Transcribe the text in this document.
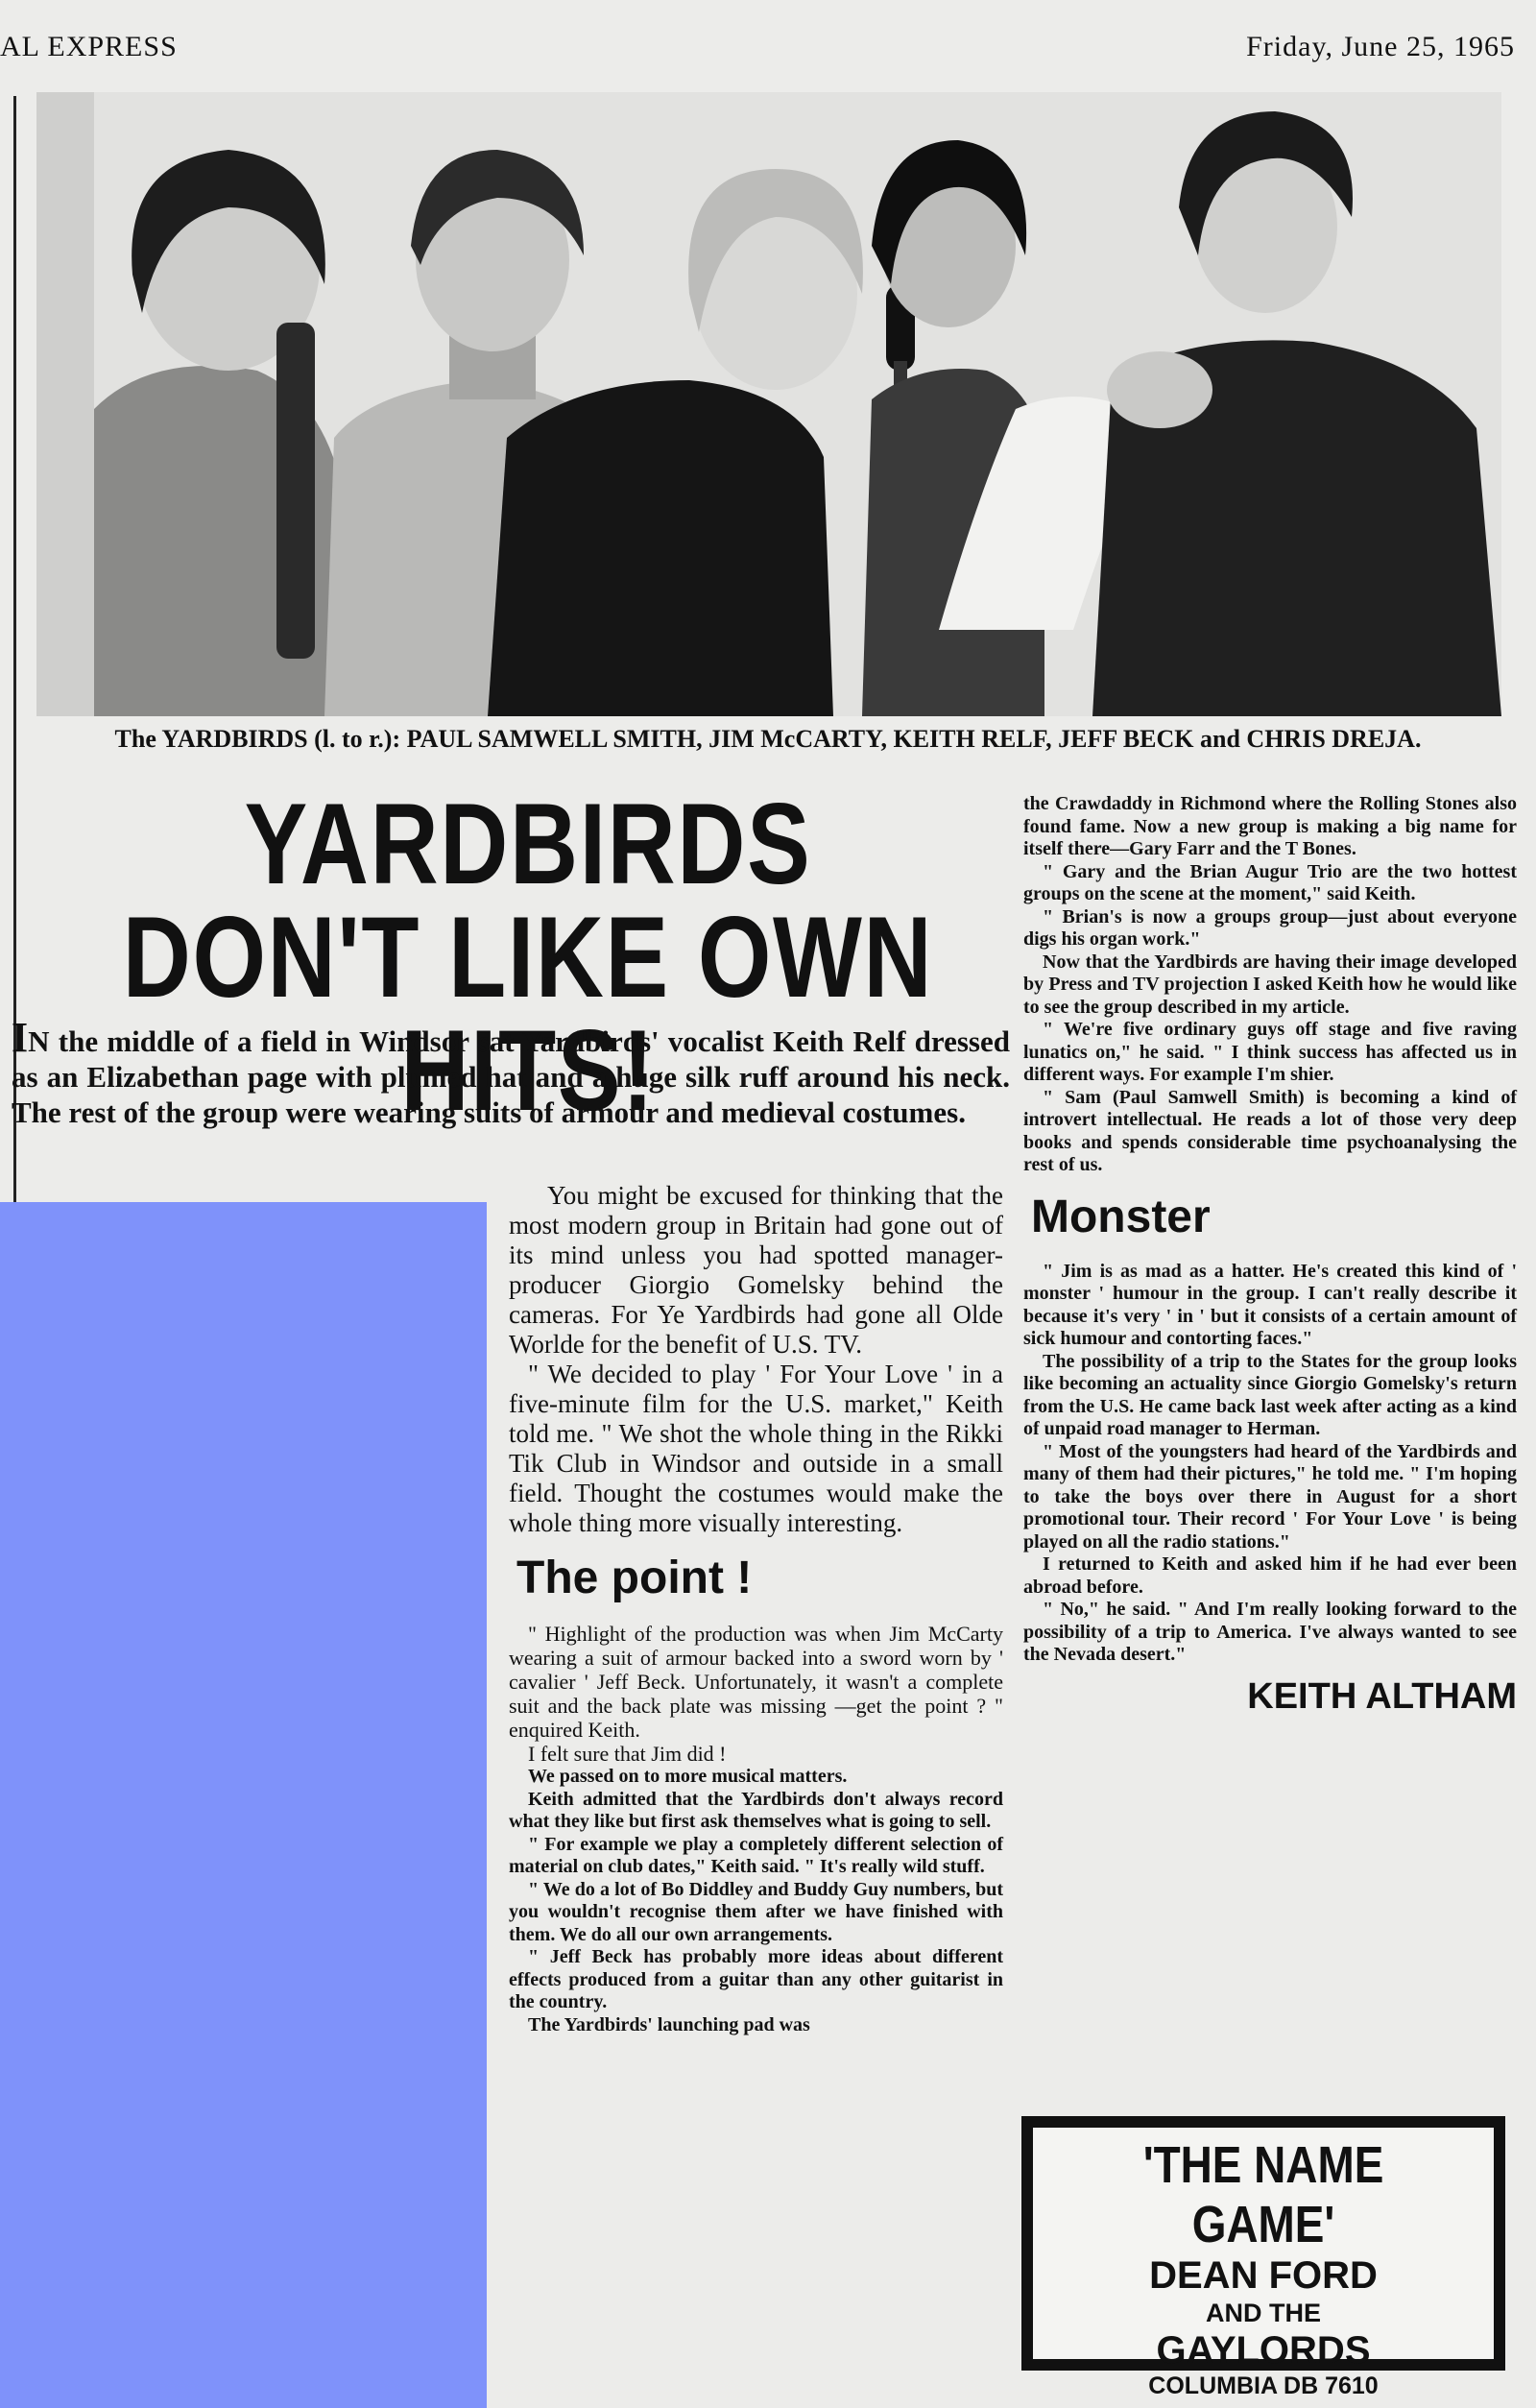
AL EXPRESS	Friday, June 25, 1965
The YARDBIRDS (l. to r.): PAUL SAMWELL SMITH, JIM McCARTY, KEITH RELF, JEFF BECK and CHRIS DREJA.
YARDBIRDS DON'T LIKE OWN HITS!
IN the middle of a field in Windsor sat Yardbirds' vocalist Keith Relf dressed as an Elizabethan page with plumed hat and a huge silk ruff around his neck. The rest of the group were wearing suits of armour and medieval costumes.

You might be excused for thinking that the most modern group in Britain had gone out of its mind unless you had spotted manager-producer Giorgio Gomelsky behind the cameras. For Ye Yardbirds had gone all Olde Worlde for the benefit of U.S. TV.

" We decided to play ' For Your Love ' in a five-minute film for the U.S. market," Keith told me. " We shot the whole thing in the Rikki Tik Club in Windsor and outside in a small field. Thought the costumes would make the whole thing more visually interesting.

The point !

" Highlight of the production was when Jim McCarty wearing a suit of armour backed into a sword worn by ' cavalier ' Jeff Beck. Unfortunately, it wasn't a complete suit and the back plate was missing —get the point ? " enquired Keith.

I felt sure that Jim did !

We passed on to more musical matters.

Keith admitted that the Yardbirds don't always record what they like but first ask themselves what is going to sell.

" For example we play a completely different selection of material on club dates," Keith said. " It's really wild stuff.

" We do a lot of Bo Diddley and Buddy Guy numbers, but you wouldn't recognise them after we have finished with them. We do all our own arrangements.

" Jeff Beck has probably more ideas about different effects produced from a guitar than any other guitarist in the country.

The Yardbirds' launching pad was

the Crawdaddy in Richmond where the Rolling Stones also found fame. Now a new group is making a big name for itself there—Gary Farr and the T Bones.

" Gary and the Brian Augur Trio are the two hottest groups on the scene at the moment," said Keith.

" Brian's is now a groups group—just about everyone digs his organ work."

Now that the Yardbirds are having their image developed by Press and TV projection I asked Keith how he would like to see the group described in my article.

" We're five ordinary guys off stage and five raving lunatics on," he said. " I think success has affected us in different ways. For example I'm shier.

" Sam (Paul Samwell Smith) is becoming a kind of introvert intellectual. He reads a lot of those very deep books and spends considerable time psychoanalysing the rest of us.

Monster

" Jim is as mad as a hatter. He's created this kind of ' monster ' humour in the group. I can't really describe it because it's very ' in ' but it consists of a certain amount of sick humour and contorting faces."

The possibility of a trip to the States for the group looks like becoming an actuality since Giorgio Gomelsky's return from the U.S. He came back last week after acting as a kind of unpaid road manager to Herman.

" Most of the youngsters had heard of the Yardbirds and many of them had their pictures," he told me. " I'm hoping to take the boys over there in August for a short promotional tour. Their record ' For Your Love ' is being played on all the radio stations."

I returned to Keith and asked him if he had ever been abroad before.

" No," he said. " And I'm really looking forward to the possibility of a trip to America. I've always wanted to see the Nevada desert."

KEITH ALTHAM
'THE NAME GAME'
DEAN FORD
AND THE
GAYLORDS
COLUMBIA DB 7610
